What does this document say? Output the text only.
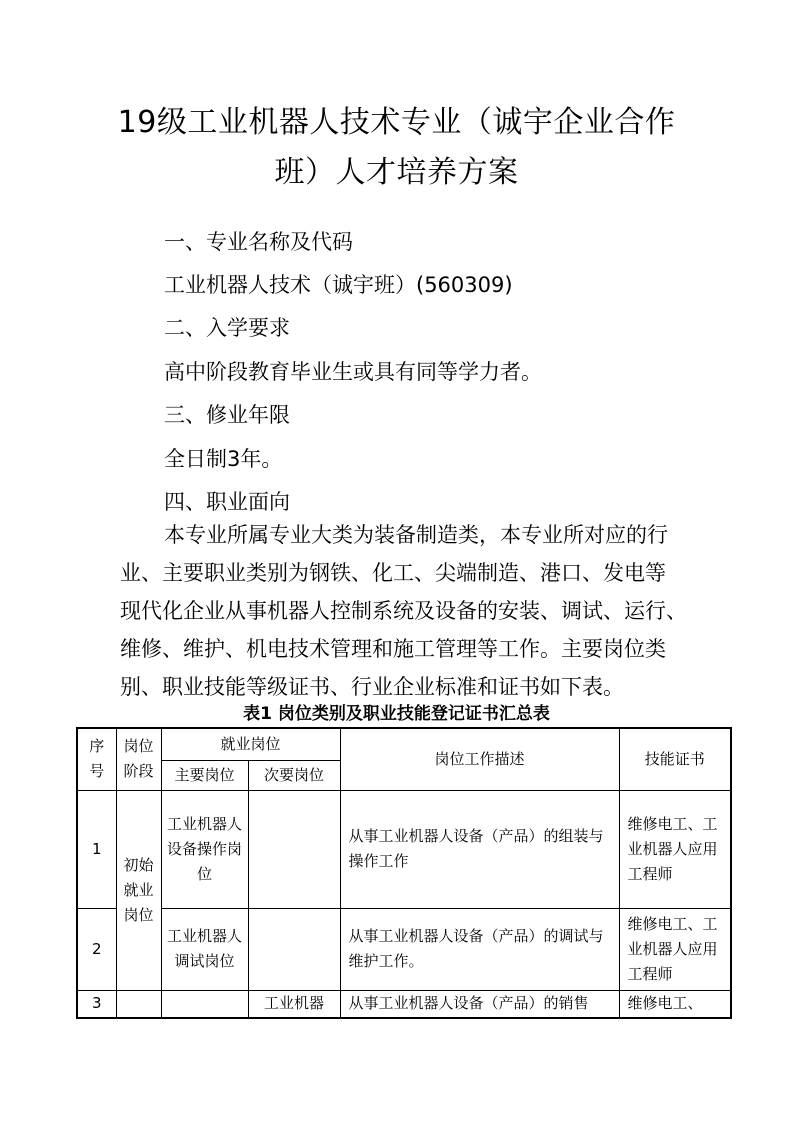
19级工业机器人技术专业（诚宇企业合作
班）人才培养方案
一、专业名称及代码
工业机器人技术（诚宇班）(560309)
二、入学要求
高中阶段教育毕业生或具有同等学力者。
三、修业年限
全日制3年。
四、职业面向
本专业所属专业大类为装备制造类，本专业所对应的行
业、主要职业类别为钢铁、化工、尖端制造、港口、发电等
现代化企业从事机器人控制系统及设备的安装、调试、运行、
维修、维护、机电技术管理和施工管理等工作。主要岗位类
别、职业技能等级证书、行业企业标准和证书如下表。
表1 岗位类别及职业技能登记证书汇总表
序号	岗位阶段	就业岗位		岗位工作描述	技能证书
		主要岗位	次要岗位		
1	初始就业岗位	工业机器人设备操作岗位		从事工业机器人设备（产品）的组装与操作工作	维修电工、工业机器人应用工程师
2		工业机器人调试岗位		从事工业机器人设备（产品）的调试与维护工作。	维修电工、工业机器人应用工程师
3			工业机器	从事工业机器人设备（产品）的销售	维修电工、
